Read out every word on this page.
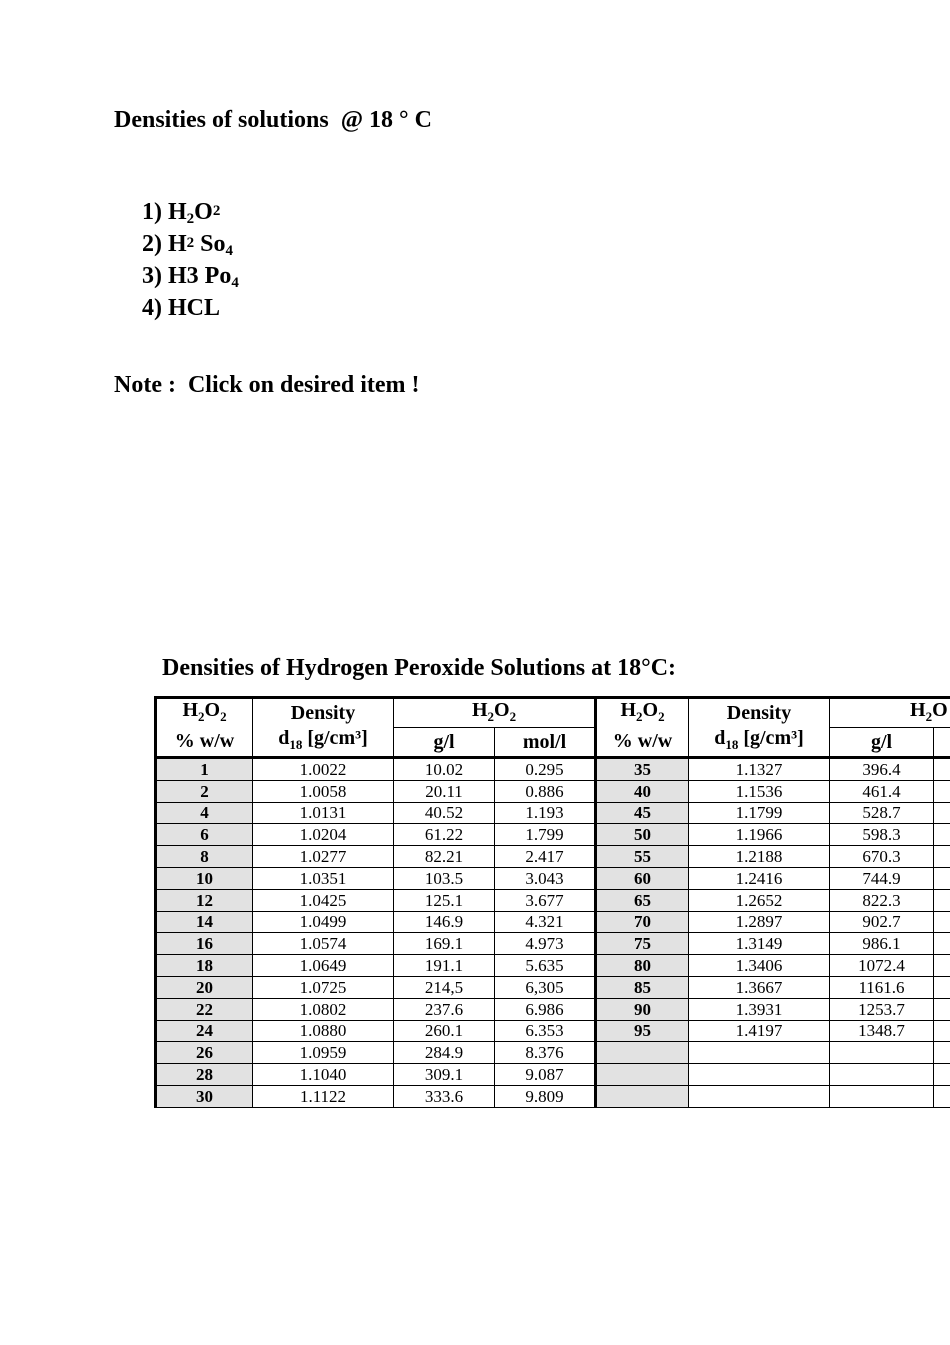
Densities of solutions  @ 18 ° C
1) $H_2O_2$
2) $H_2$ $So_4$
3) H3 $Po_4$
4) HCL
Note :  Click on desired item !
Densities of Hydrogen Peroxide Solutions at 18°C:
$H_2O_2$	Density	$H_2O_2$		$H_2O_2$	Density	$H_2O$	
% w/w	$d_{18}$ [g/cm³]	g/l	mol/l	% w/w	$d_{18}$ [g/cm³]	g/l	
1	1.0022	10.02	0.295	35	1.1327	396.4	
2	1.0058	20.11	0.886	40	1.1536	461.4	
4	1.0131	40.52	1.193	45	1.1799	528.7	
6	1.0204	61.22	1.799	50	1.1966	598.3	
8	1.0277	82.21	2.417	55	1.2188	670.3	
10	1.0351	103.5	3.043	60	1.2416	744.9	
12	1.0425	125.1	3.677	65	1.2652	822.3	
14	1.0499	146.9	4.321	70	1.2897	902.7	
16	1.0574	169.1	4.973	75	1.3149	986.1	
18	1.0649	191.1	5.635	80	1.3406	1072.4	
20	1.0725	214,5	6,305	85	1.3667	1161.6	
22	1.0802	237.6	6.986	90	1.3931	1253.7	
24	1.0880	260.1	6.353	95	1.4197	1348.7	
26	1.0959	284.9	8.376				
28	1.1040	309.1	9.087				
30	1.1122	333.6	9.809				
